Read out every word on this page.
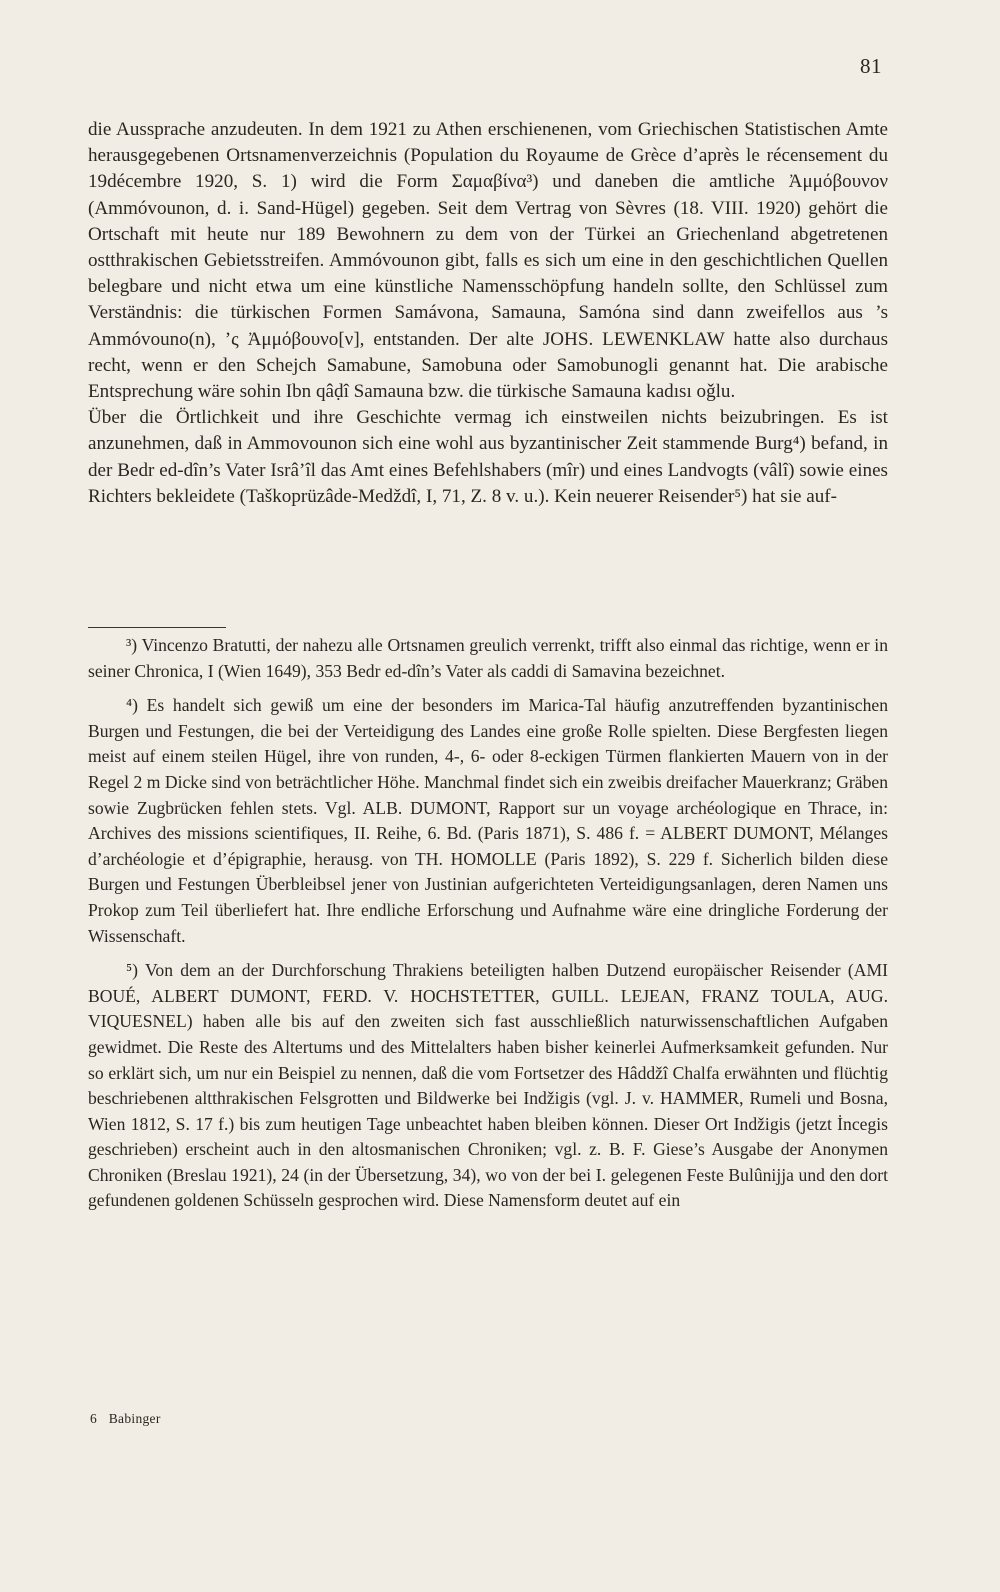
81

die Aussprache anzudeuten. In dem 1921 zu Athen erschienenen, vom Griechischen Statistischen Amte herausgegebenen Ortsnamenverzeichnis (Population du Royaume de Grèce d’après le récensement du 19décembre 1920, S. 1) wird die Form Σαμαβίνα³) und daneben die amtliche Ἀμμόβουνον (Ammóvounon, d. i. Sand-Hügel) gegeben. Seit dem Vertrag von Sèvres (18. VIII. 1920) gehört die Ortschaft mit heute nur 189 Bewohnern zu dem von der Türkei an Griechenland abgetretenen ostthrakischen Gebietsstreifen. Ammóvounon gibt, falls es sich um eine in den geschichtlichen Quellen belegbare und nicht etwa um eine künstliche Namensschöpfung handeln sollte, den Schlüssel zum Verständnis: die türkischen Formen Samávona, Samauna, Samóna sind dann zweifellos aus ’s Ammóvouno(n), ’ς Ἀμμόβουνο[ν], entstanden. Der alte JOHS. LEWENKLAW hatte also durchaus recht, wenn er den Schejch Samabune, Samobuna oder Samobunogli genannt hat. Die arabische Entsprechung wäre sohin Ibn qâḍî Samauna bzw. die türkische Samauna kadısı oǧlu.

Über die Örtlichkeit und ihre Geschichte vermag ich einstweilen nichts beizubringen. Es ist anzunehmen, daß in Ammovounon sich eine wohl aus byzantinischer Zeit stammende Burg⁴) befand, in der Bedr ed-dîn’s Vater Isrâ’îl das Amt eines Befehlshabers (mîr) und eines Landvogts (vâlî) sowie eines Richters bekleidete (Taškoprüzâde-Medždî, I, 71, Z. 8 v. u.). Kein neuerer Reisender⁵) hat sie auf-

³) Vincenzo Bratutti, der nahezu alle Ortsnamen greulich verrenkt, trifft also einmal das richtige, wenn er in seiner Chronica, I (Wien 1649), 353 Bedr ed-dîn’s Vater als caddi di Samavina bezeichnet.

⁴) Es handelt sich gewiß um eine der besonders im Marica-Tal häufig anzutreffenden byzantinischen Burgen und Festungen, die bei der Verteidigung des Landes eine große Rolle spielten. Diese Bergfesten liegen meist auf einem steilen Hügel, ihre von runden, 4-, 6- oder 8-eckigen Türmen flankierten Mauern von in der Regel 2 m Dicke sind von beträchtlicher Höhe. Manchmal findet sich ein zweibis dreifacher Mauerkranz; Gräben sowie Zugbrücken fehlen stets. Vgl. ALB. DUMONT, Rapport sur un voyage archéologique en Thrace, in: Archives des missions scientifiques, II. Reihe, 6. Bd. (Paris 1871), S. 486 f. = ALBERT DUMONT, Mélanges d’archéologie et d’épigraphie, herausg. von TH. HOMOLLE (Paris 1892), S. 229 f. Sicherlich bilden diese Burgen und Festungen Überbleibsel jener von Justinian aufgerichteten Verteidigungsanlagen, deren Namen uns Prokop zum Teil überliefert hat. Ihre endliche Erforschung und Aufnahme wäre eine dringliche Forderung der Wissenschaft.

⁵) Von dem an der Durchforschung Thrakiens beteiligten halben Dutzend europäischer Reisender (AMI BOUÉ, ALBERT DUMONT, FERD. V. HOCHSTETTER, GUILL. LEJEAN, FRANZ TOULA, AUG. VIQUESNEL) haben alle bis auf den zweiten sich fast ausschließlich naturwissenschaftlichen Aufgaben gewidmet. Die Reste des Altertums und des Mittelalters haben bisher keinerlei Aufmerksamkeit gefunden. Nur so erklärt sich, um nur ein Beispiel zu nennen, daß die vom Fortsetzer des Hâddžî Chalfa erwähnten und flüchtig beschriebenen altthrakischen Felsgrotten und Bildwerke bei Indžigis (vgl. J. v. HAMMER, Rumeli und Bosna, Wien 1812, S. 17 f.) bis zum heutigen Tage unbeachtet haben bleiben können. Dieser Ort Indžigis (jetzt İncegis geschrieben) erscheint auch in den altosmanischen Chroniken; vgl. z. B. F. Giese’s Ausgabe der Anonymen Chroniken (Breslau 1921), 24 (in der Übersetzung, 34), wo von der bei I. gelegenen Feste Bulûnijja und den dort gefundenen goldenen Schüsseln gesprochen wird. Diese Namensform deutet auf ein

6 Babinger
